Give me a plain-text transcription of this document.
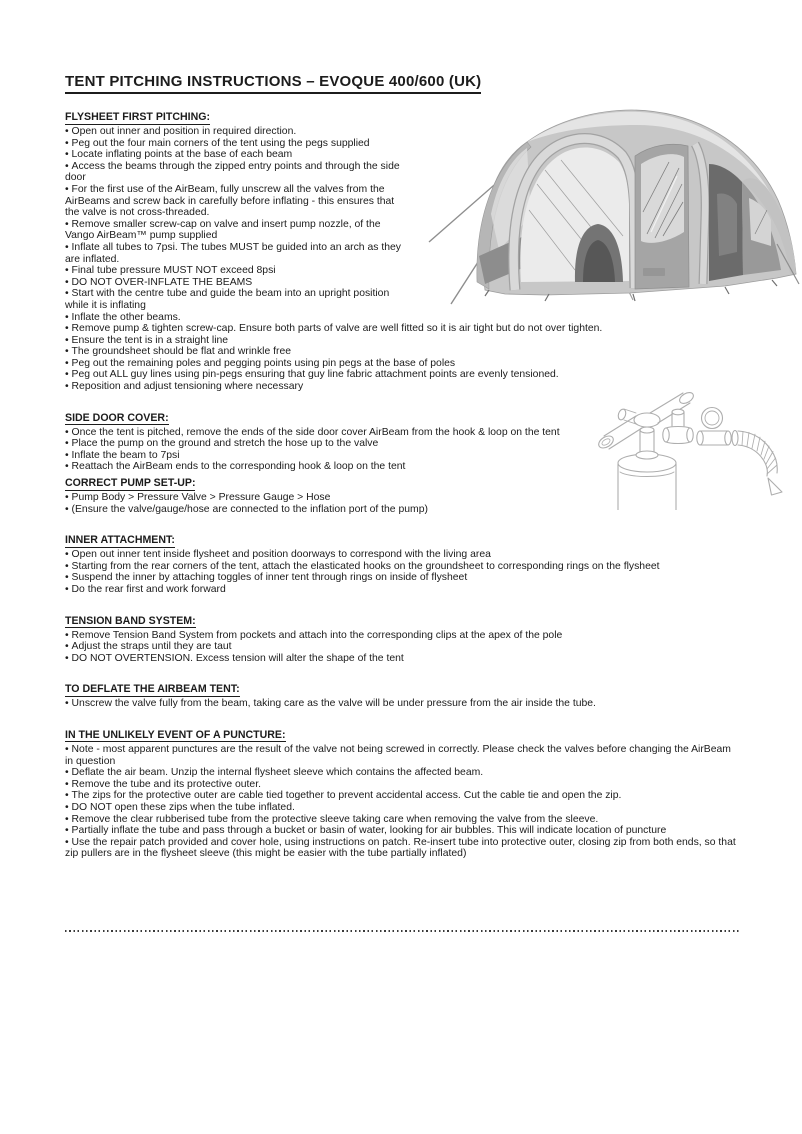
TENT PITCHING INSTRUCTIONS – EVOQUE 400/600 (UK)
FLYSHEET FIRST PITCHING:
• Open out inner and position in required direction.
• Peg out the four main corners of the tent using the pegs supplied
• Locate inflating points at the base of each beam
• Access the beams through the zipped entry points and through the side door
• For the first use of the AirBeam, fully unscrew all the valves from the AirBeams and screw back in carefully before inflating - this ensures that the valve is not cross-threaded.
• Remove smaller screw-cap on valve and insert pump nozzle, of the Vango AirBeam™ pump supplied
• Inflate all tubes to 7psi. The tubes MUST be guided into an arch as they are inflated.
• Final tube pressure MUST NOT exceed 8psi
• DO NOT OVER-INFLATE THE BEAMS
• Start with the centre tube and guide the beam into an upright position while it is inflating
• Inflate the other beams.
• Remove pump & tighten screw-cap. Ensure both parts of valve are well fitted so it is air tight but do not over tighten.
• Ensure the tent is in a straight line
• The groundsheet should be flat and wrinkle free
• Peg out the remaining poles and pegging points using pin pegs at the base of poles
• Peg out ALL guy lines using pin-pegs ensuring that guy line fabric attachment points are evenly tensioned.
• Reposition and adjust tensioning where necessary
SIDE DOOR COVER:
• Once the tent is pitched, remove the ends of the side door cover AirBeam from the hook & loop on the tent
• Place the pump on the ground and stretch the hose up to the valve
• Inflate the beam to 7psi
• Reattach the AirBeam ends to the corresponding hook & loop on the tent
CORRECT PUMP SET-UP:
• Pump Body > Pressure Valve > Pressure Gauge > Hose
• (Ensure the valve/gauge/hose are connected to the inflation port of the pump)
INNER ATTACHMENT:
• Open out inner tent inside flysheet and position doorways to correspond with the living area
• Starting from the rear corners of the tent, attach the elasticated hooks on the groundsheet to corresponding rings on the flysheet
• Suspend the inner by attaching toggles of inner tent through rings on inside of flysheet
• Do the rear first and work forward
TENSION BAND SYSTEM:
• Remove Tension Band System from pockets and attach into the corresponding clips at the apex of the pole
• Adjust the straps until they are taut
• DO NOT OVERTENSION. Excess tension will alter the shape of the tent
TO DEFLATE THE AIRBEAM TENT:
• Unscrew the valve fully from the beam, taking care as the valve will be under pressure from the air inside the tube.
IN THE UNLIKELY EVENT OF A PUNCTURE:
• Note - most apparent punctures are the result of the valve not being screwed in correctly. Please check the valves before changing the AirBeam in question
• Deflate the air beam. Unzip the internal flysheet sleeve which contains the affected beam.
• Remove the tube and its protective outer.
• The zips for the protective outer are cable tied together to prevent accidental access. Cut the cable tie and open the zip.
• DO NOT open these zips when the tube inflated.
• Remove the clear rubberised tube from the protective sleeve taking care when removing the valve from the sleeve.
• Partially inflate the tube and pass through a bucket or basin of water, looking for air bubbles. This will indicate location of puncture
• Use the repair patch provided and cover hole, using instructions on patch. Re-insert tube into protective outer, closing zip from both ends, so that zip pullers are in the flysheet sleeve (this might be easier with the tube partially inflated)
